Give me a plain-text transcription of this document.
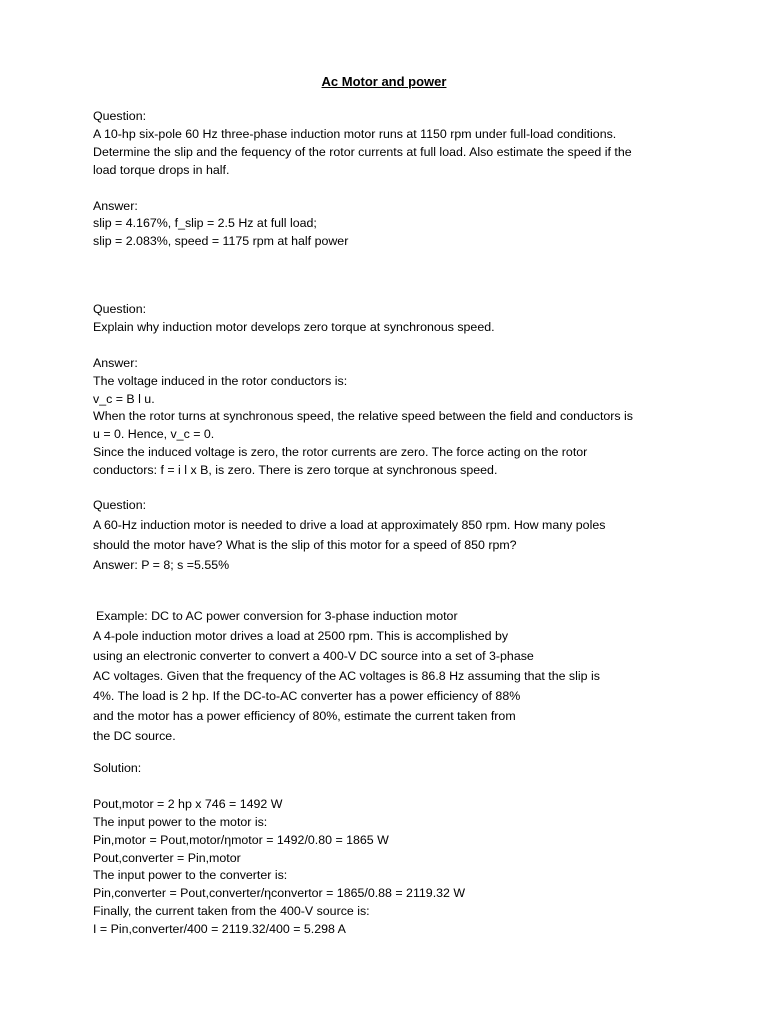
Ac Motor and power
Question:
A 10-hp six-pole 60 Hz three-phase induction motor runs at 1150 rpm under full-load conditions.
Determine the slip and the fequency of the rotor currents at full load. Also estimate the speed if the
load torque drops in half.
Answer:
slip = 4.167%, f_slip = 2.5 Hz at full load;
slip = 2.083%, speed = 1175 rpm at half power
Question:
Explain why induction motor develops zero torque at synchronous speed.
Answer:
The voltage induced in the rotor conductors is:
v_c = B l u.
When the rotor turns at synchronous speed, the relative speed between the field and conductors is
u = 0. Hence, v_c = 0.
Since the induced voltage is zero, the rotor currents are zero. The force acting on the rotor
conductors: f = i l x B, is zero. There is zero torque at synchronous speed.
Question:
A 60-Hz induction motor is needed to drive a load at approximately 850 rpm. How many poles
should the motor have? What is the slip of this motor for a speed of 850 rpm?
Answer: P = 8; s =5.55%
Example: DC to AC power conversion for 3-phase induction motor
A 4-pole induction motor drives a load at 2500 rpm. This is accomplished by
using an electronic converter to convert a 400-V DC source into a set of 3-phase
AC voltages. Given that the frequency of the AC voltages is 86.8 Hz assuming that the slip is
4%. The load is 2 hp. If the DC-to-AC converter has a power efficiency of 88%
and the motor has a power efficiency of 80%, estimate the current taken from
the DC source.
Solution:
Pout,motor = 2 hp x 746 = 1492 W
The input power to the motor is:
Pin,motor = Pout,motor/ηmotor = 1492/0.80 = 1865 W
Pout,converter = Pin,motor
The input power to the converter is:
Pin,converter = Pout,converter/ηconvertor = 1865/0.88 = 2119.32 W
Finally, the current taken from the 400-V source is:
I = Pin,converter/400 = 2119.32/400 = 5.298 A
